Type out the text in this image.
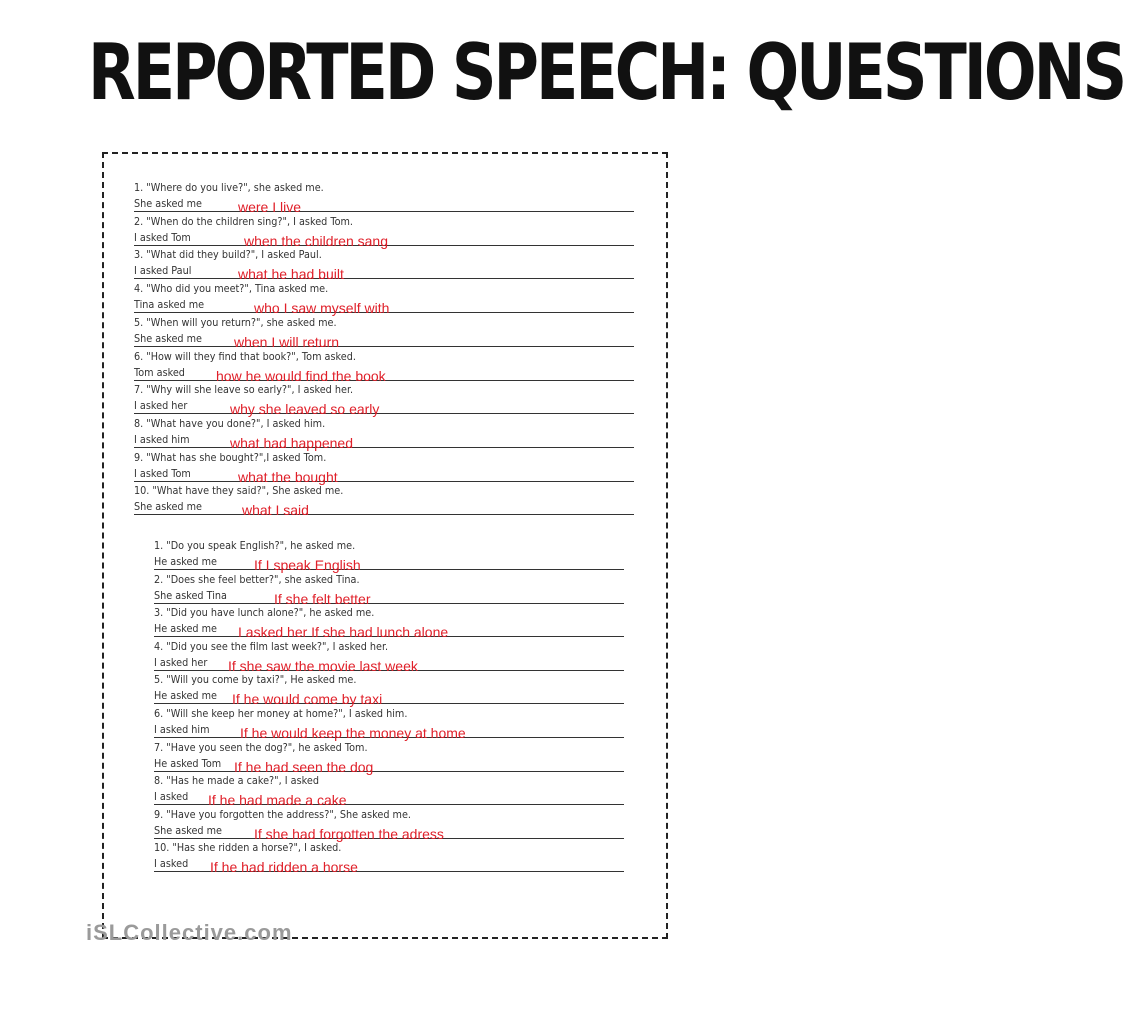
REPORTED SPEECH: QUESTIONS
1. "Where do you live?", she asked me.
She asked me	were I live
2. "When do the children sing?", I asked Tom.
I asked Tom	when the children sang
3. "What did they build?", I asked Paul.
I asked Paul	what he had built
4. "Who did you meet?", Tina asked me.
Tina asked me	who I saw myself with
5. "When will you return?", she asked me.
She asked me when I will return
6. "How will they find that book?", Tom asked.
Tom asked how he would find the book
7. "Why will she leave so early?", I asked her.
I asked her	why she leaved so early
8. "What have you done?", I asked him.
I asked him	what had happened
9. "What has she bought?",I asked Tom.
I asked Tom	what the bought
10. "What have they said?", She asked me.
She asked me	what I said
1. "Do you speak English?", he asked me.
He asked me	If I speak English
2. "Does she feel better?", she asked Tina.
She asked Tina	If she felt better
3. "Did you have lunch alone?", he asked me.
He asked me I asked her If she had lunch alone
4. "Did you see the film last week?", I asked her.
I asked her If she saw the movie last week
5. "Will you come by taxi?", He asked me.
He asked me If he would come by taxi
6. "Will she keep her money at home?", I asked him.
I asked him If he would keep the money at home
7. "Have you seen the dog?", he asked Tom.
He asked Tom If he had seen the dog
8. "Has he made a cake?", I asked
I asked If he had made a cake
9. "Have you forgotten the address?", She asked me.
She asked me If she had forgotten the adress
10. "Has she ridden a horse?", I asked.
I asked If he had ridden a horse
iSLCollective.com
